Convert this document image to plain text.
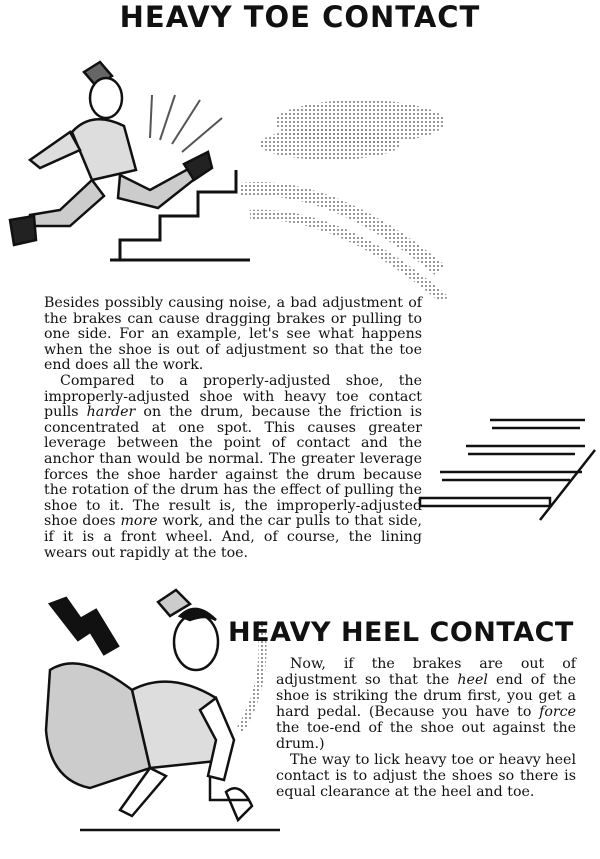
HEAVY TOE CONTACT

Besides possibly causing noise, a bad adjustment of the brakes can cause dragging brakes or pulling to one side. For an example, let's see what happens when the shoe is out of adjustment so that the toe end does all the work.
Compared to a properly-adjusted shoe, the improperly-adjusted shoe with heavy toe contact pulls harder on the drum, because the friction is concentrated at one spot. This causes greater leverage between the point of contact and the anchor than would be normal. The greater leverage forces the shoe harder against the drum because the rotation of the drum has the effect of pulling the shoe to it. The result is, the improperly-adjusted shoe does more work, and the car pulls to that side, if it is a front wheel. And, of course, the lining wears out rapidly at the toe.

HEAVY HEEL CONTACT

Now, if the brakes are out of adjustment so that the heel end of the shoe is striking the drum first, you get a hard pedal. (Because you have to force the toe-end of the shoe out against the drum.)
The way to lick heavy toe or heavy heel contact is to adjust the shoes so there is equal clearance at the heel and toe.
